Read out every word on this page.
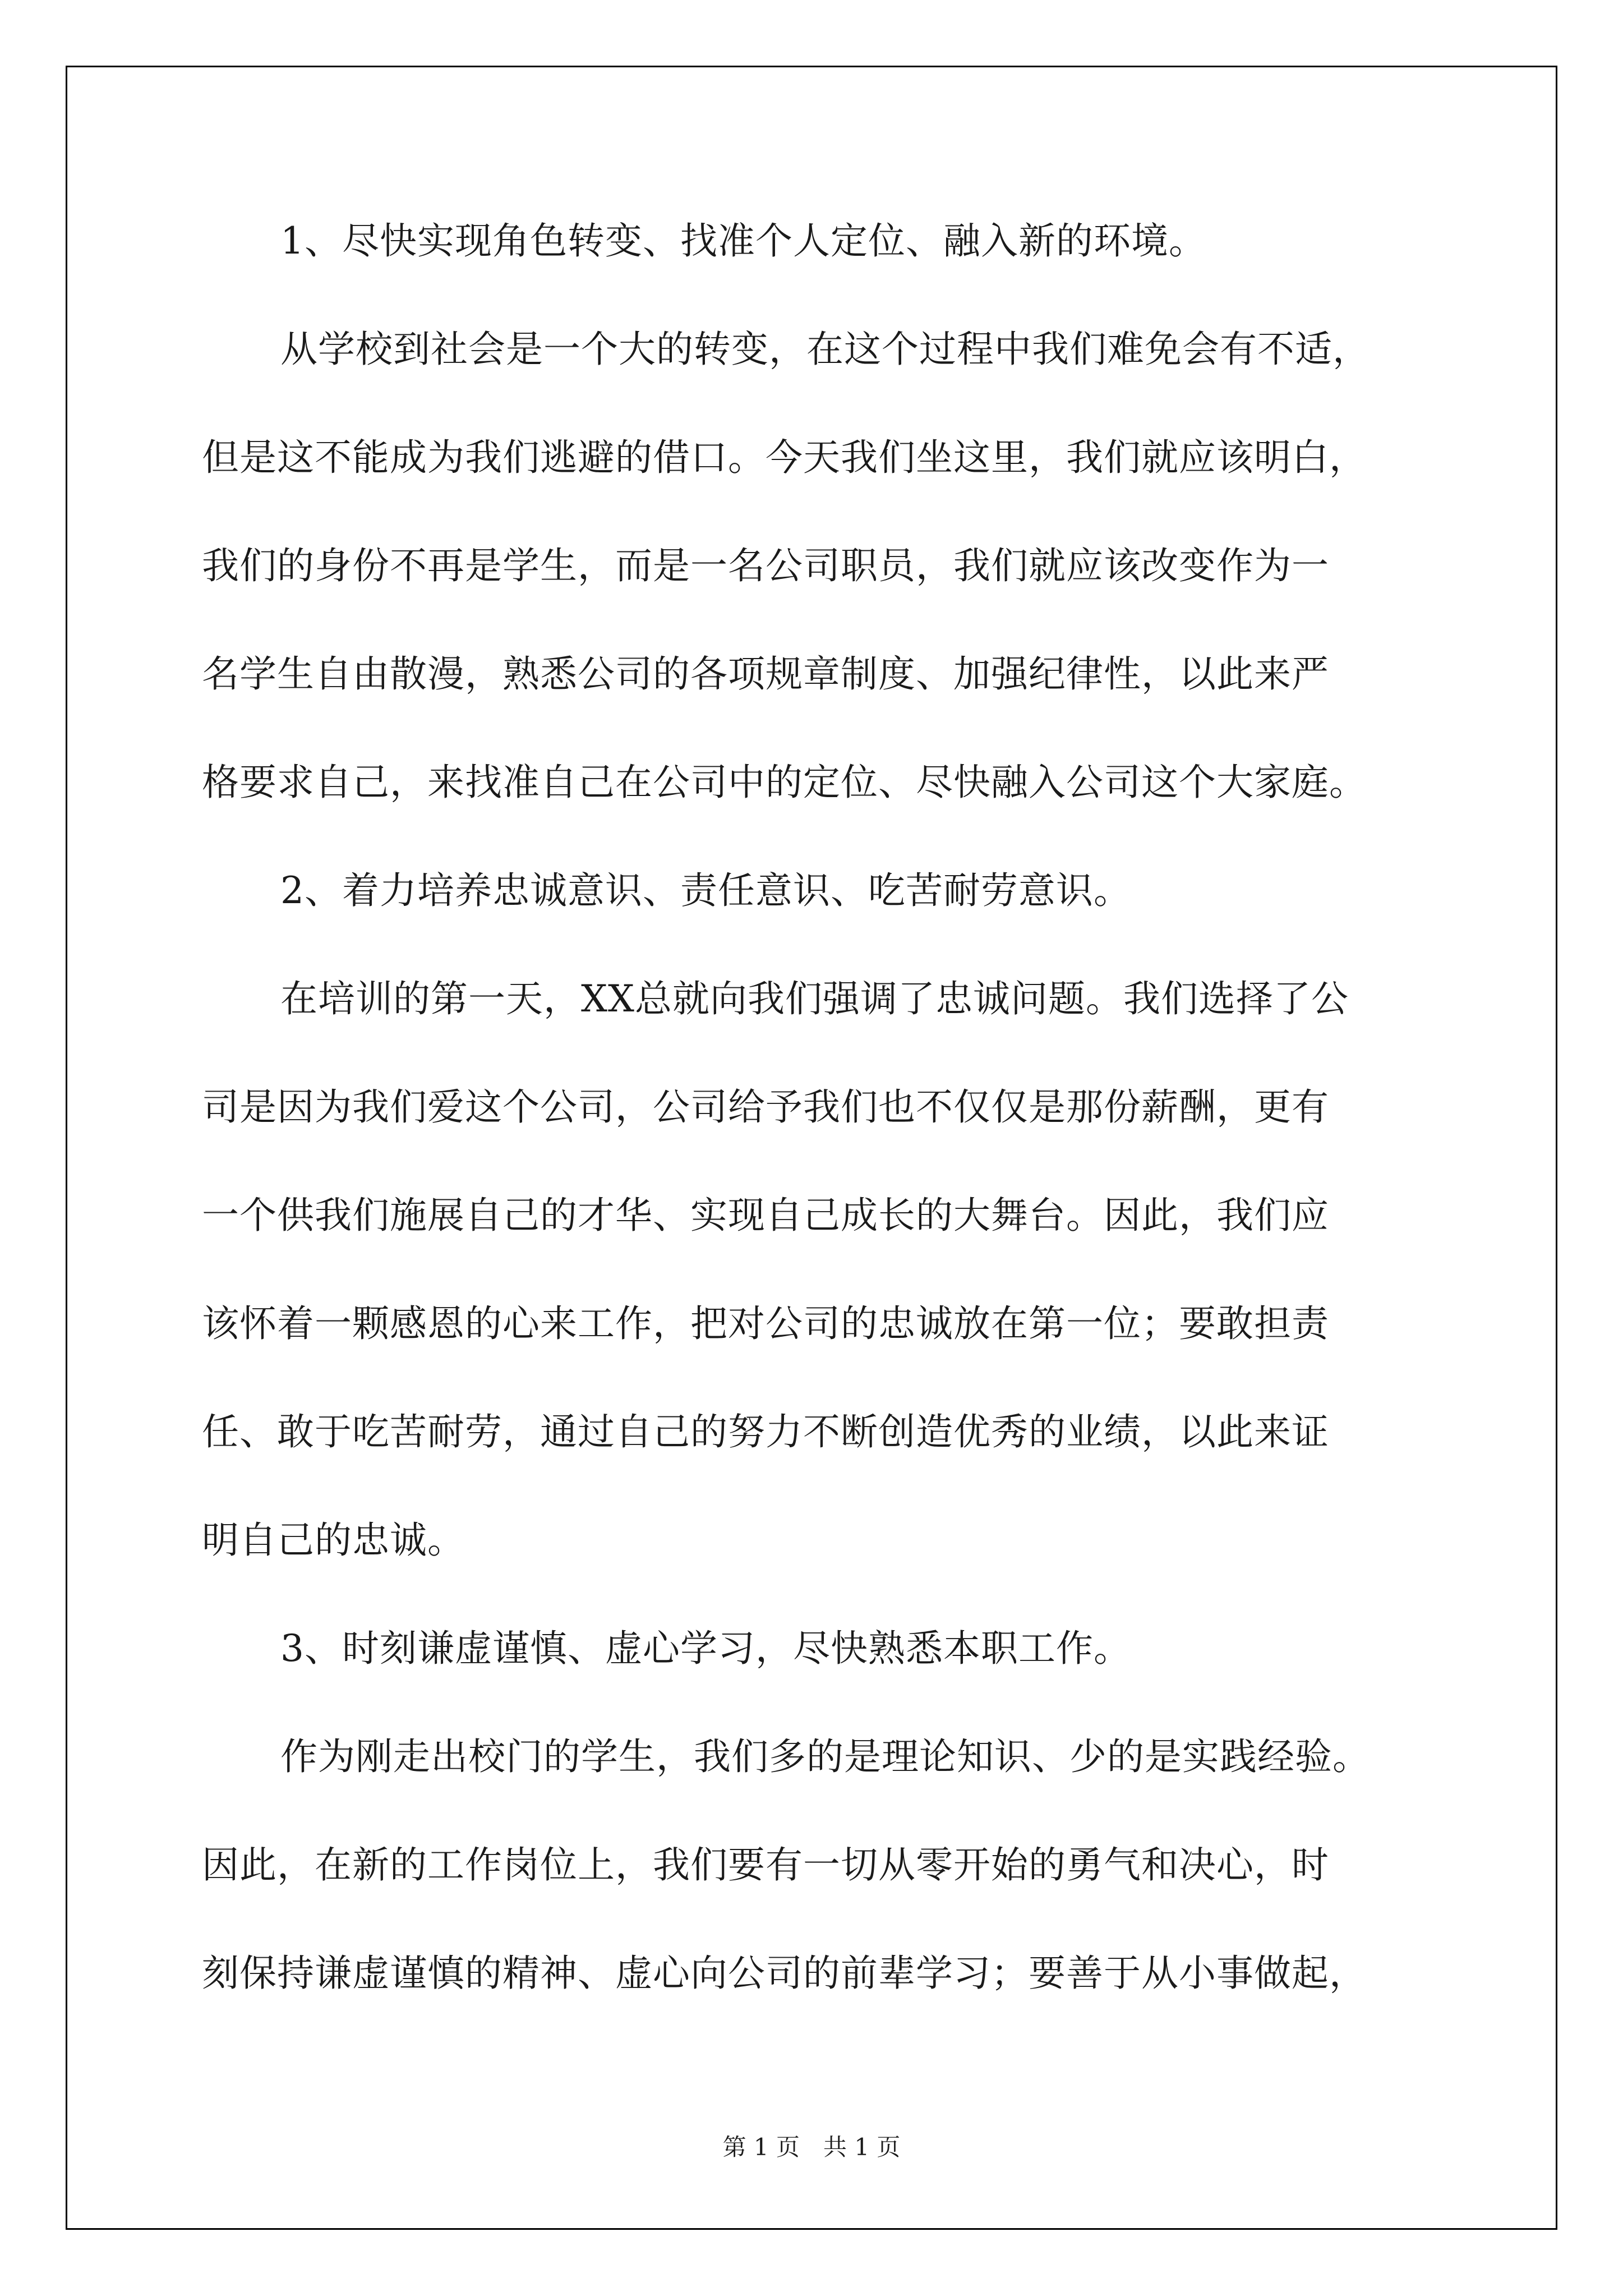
1、尽快实现角色转变、找准个人定位、融入新的环境。
从学校到社会是一个大的转变，在这个过程中我们难免会有不适，
但是这不能成为我们逃避的借口。今天我们坐这里，我们就应该明白，
我们的身份不再是学生，而是一名公司职员，我们就应该改变作为一
名学生自由散漫，熟悉公司的各项规章制度、加强纪律性，以此来严
格要求自己，来找准自己在公司中的定位、尽快融入公司这个大家庭。
2、着力培养忠诚意识、责任意识、吃苦耐劳意识。
在培训的第一天，XX总就向我们强调了忠诚问题。我们选择了公
司是因为我们爱这个公司，公司给予我们也不仅仅是那份薪酬，更有
一个供我们施展自己的才华、实现自己成长的大舞台。因此，我们应
该怀着一颗感恩的心来工作，把对公司的忠诚放在第一位；要敢担责
任、敢于吃苦耐劳，通过自己的努力不断创造优秀的业绩，以此来证
明自己的忠诚。
3、时刻谦虚谨慎、虚心学习，尽快熟悉本职工作。
作为刚走出校门的学生，我们多的是理论知识、少的是实践经验。
因此，在新的工作岗位上，我们要有一切从零开始的勇气和决心，时
刻保持谦虚谨慎的精神、虚心向公司的前辈学习；要善于从小事做起，
第 1 页　共 1 页
